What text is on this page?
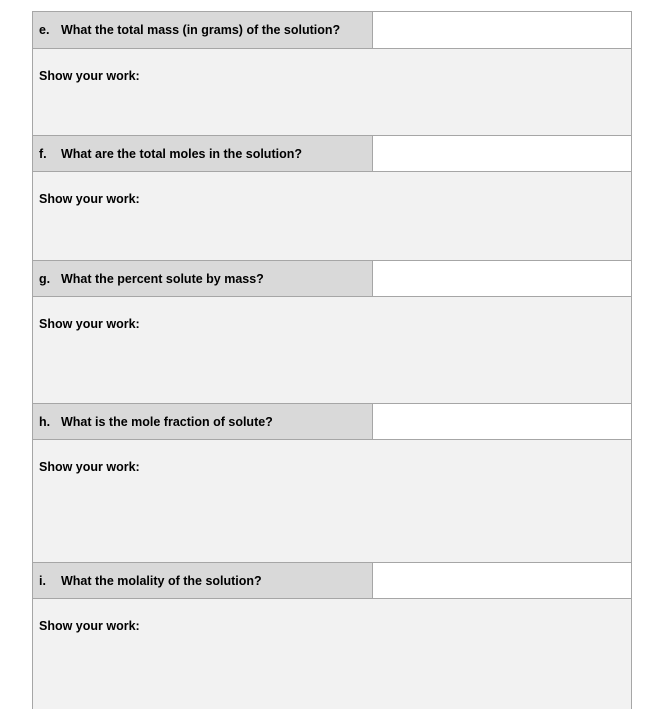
e. What the total mass (in grams) of the solution?
Show your work:
f.	What are the total moles in the solution?
Show your work:
g. What the percent solute by mass?
Show your work:
h. What is the mole fraction of solute?
Show your work:
i.	What the molality of the solution?
Show your work:
